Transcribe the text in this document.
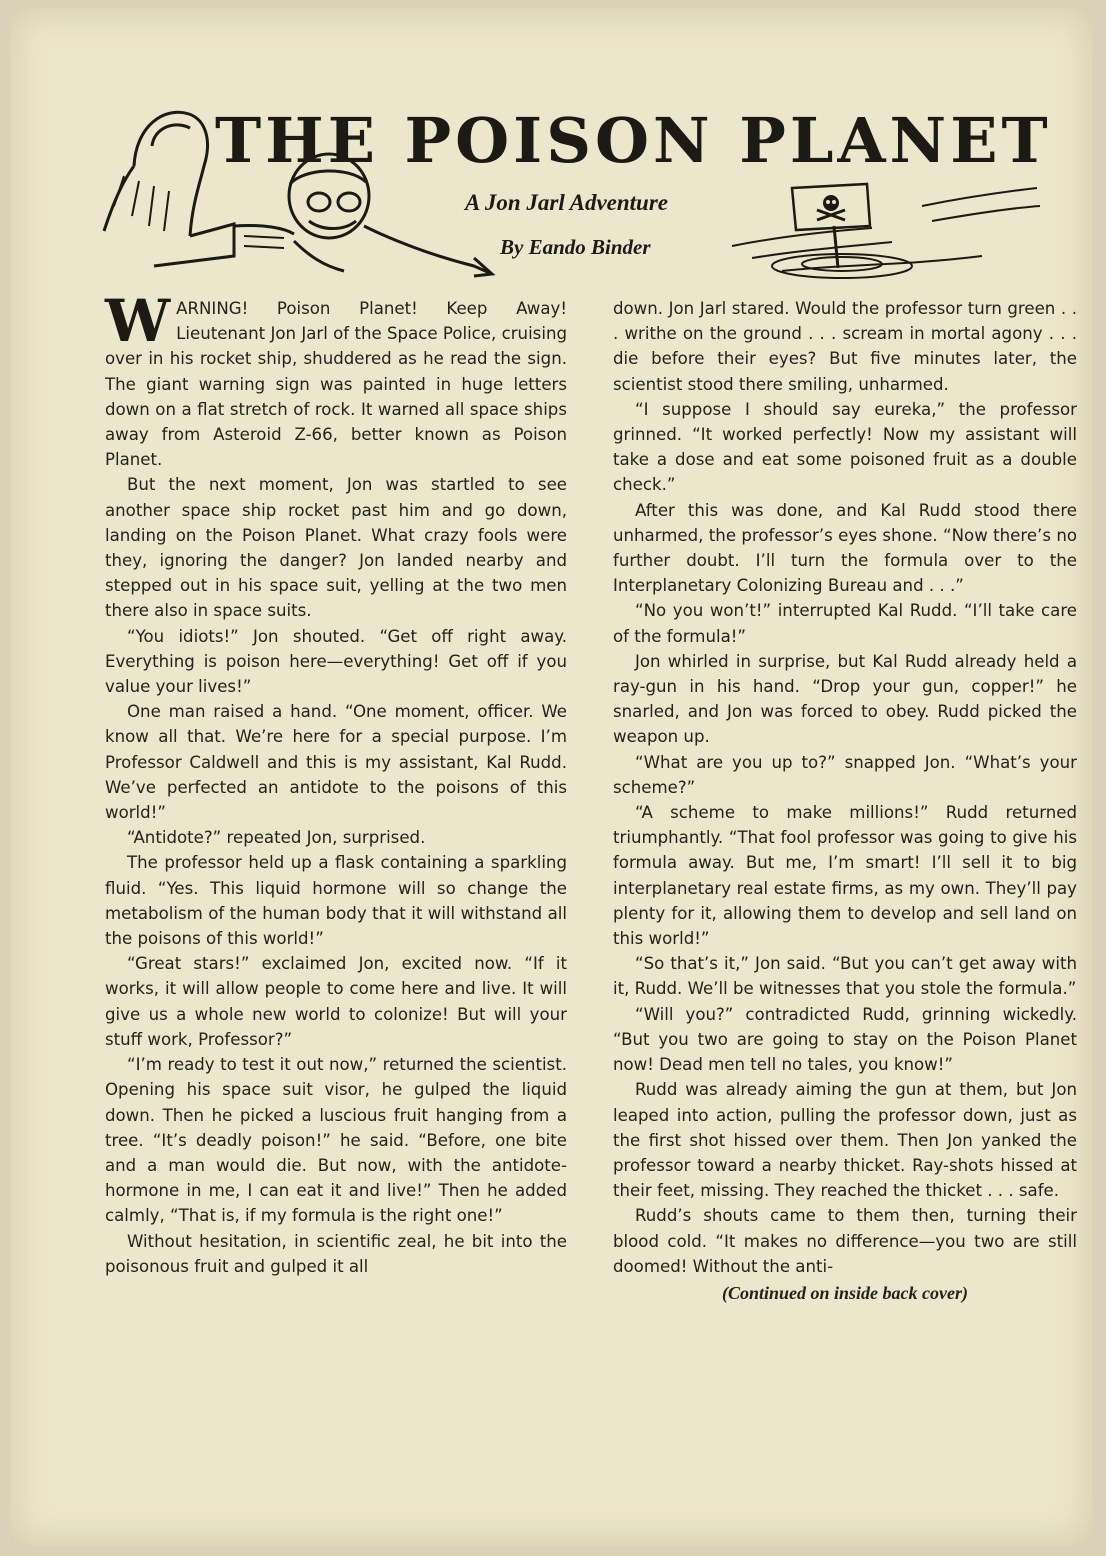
THE POISON PLANET
A Jon Jarl Adventure
By Eando Binder

WARNING! Poison Planet! Keep Away! Lieutenant Jon Jarl of the Space Police, cruising over in his rocket ship, shuddered as he read the sign. The giant warning sign was painted in huge letters down on a flat stretch of rock. It warned all space ships away from Asteroid Z-66, better known as Poison Planet.

But the next moment, Jon was startled to see another space ship rocket past him and go down, landing on the Poison Planet. What crazy fools were they, ignoring the danger? Jon landed nearby and stepped out in his space suit, yelling at the two men there also in space suits.

“You idiots!” Jon shouted. “Get off right away. Everything is poison here—everything! Get off if you value your lives!”

One man raised a hand. “One moment, officer. We know all that. We’re here for a special purpose. I’m Professor Caldwell and this is my assistant, Kal Rudd. We’ve perfected an antidote to the poisons of this world!”

“Antidote?” repeated Jon, surprised.

The professor held up a flask containing a sparkling fluid. “Yes. This liquid hormone will so change the metabolism of the human body that it will withstand all the poisons of this world!”

“Great stars!” exclaimed Jon, excited now. “If it works, it will allow people to come here and live. It will give us a whole new world to colonize! But will your stuff work, Professor?”

“I’m ready to test it out now,” returned the scientist. Opening his space suit visor, he gulped the liquid down. Then he picked a luscious fruit hanging from a tree. “It’s deadly poison!” he said. “Before, one bite and a man would die. But now, with the antidote-hormone in me, I can eat it and live!” Then he added calmly, “That is, if my formula is the right one!”

Without hesitation, in scientific zeal, he bit into the poisonous fruit and gulped it all

down. Jon Jarl stared. Would the professor turn green . . . writhe on the ground . . . scream in mortal agony . . . die before their eyes? But five minutes later, the scientist stood there smiling, unharmed.

“I suppose I should say eureka,” the professor grinned. “It worked perfectly! Now my assistant will take a dose and eat some poisoned fruit as a double check.”

After this was done, and Kal Rudd stood there unharmed, the professor’s eyes shone. “Now there’s no further doubt. I’ll turn the formula over to the Interplanetary Colonizing Bureau and . . .”

“No you won’t!” interrupted Kal Rudd. “I’ll take care of the formula!”

Jon whirled in surprise, but Kal Rudd already held a ray-gun in his hand. “Drop your gun, copper!” he snarled, and Jon was forced to obey. Rudd picked the weapon up.

“What are you up to?” snapped Jon. “What’s your scheme?”

“A scheme to make millions!” Rudd returned triumphantly. “That fool professor was going to give his formula away. But me, I’m smart! I’ll sell it to big interplanetary real estate firms, as my own. They’ll pay plenty for it, allowing them to develop and sell land on this world!”

“So that’s it,” Jon said. “But you can’t get away with it, Rudd. We’ll be witnesses that you stole the formula.”

“Will you?” contradicted Rudd, grinning wickedly. “But you two are going to stay on the Poison Planet now! Dead men tell no tales, you know!”

Rudd was already aiming the gun at them, but Jon leaped into action, pulling the professor down, just as the first shot hissed over them. Then Jon yanked the professor toward a nearby thicket. Ray-shots hissed at their feet, missing. They reached the thicket . . . safe.

Rudd’s shouts came to them then, turning their blood cold. “It makes no difference—you two are still doomed! Without the anti-

(Continued on inside back cover)
